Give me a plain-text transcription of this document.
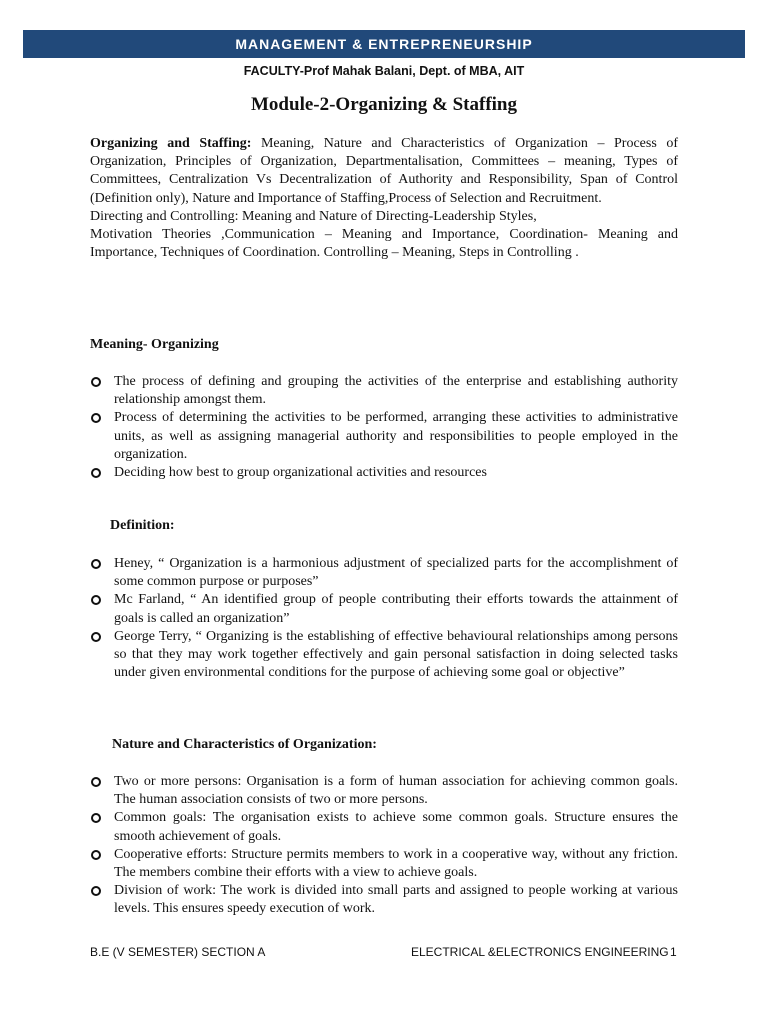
MANAGEMENT & ENTREPRENEURSHIP
FACULTY-Prof Mahak Balani, Dept. of MBA, AIT
Module-2-Organizing & Staffing

Organizing and Staffing: Meaning, Nature and Characteristics of Organization – Process of Organization, Principles of Organization, Departmentalisation, Committees – meaning, Types of Committees, Centralization Vs Decentralization of Authority and Responsibility, Span of Control (Definition only), Nature and Importance of Staffing,Process of Selection and Recruitment.

Directing and Controlling: Meaning and Nature of Directing-Leadership Styles,

Motivation Theories ,Communication – Meaning and Importance, Coordination- Meaning and Importance, Techniques of Coordination. Controlling – Meaning, Steps in Controlling .

Meaning- Organizing
The process of defining and grouping the activities of the enterprise and establishing authority relationship amongst them.
Process of determining the activities to be performed, arranging these activities to administrative units, as well as assigning managerial authority and responsibilities to people employed in the organization.
Deciding how best to group organizational activities and resources
Definition:
Heney, “ Organization is a harmonious adjustment of specialized parts for the accomplishment of some common purpose or purposes”
Mc Farland, “ An identified group of people contributing their efforts towards the attainment of goals is called an organization”
George Terry, “ Organizing is the establishing of effective behavioural relationships among persons so that they may work together effectively and gain personal satisfaction in doing selected tasks under given environmental conditions for the purpose of achieving some goal or objective”
Nature and Characteristics of Organization:
Two or more persons: Organisation is a form of human association for achieving common goals. The human association consists of two or more persons.
Common goals: The organisation exists to achieve some common goals. Structure ensures the smooth achievement of goals.
Cooperative efforts: Structure permits members to work in a cooperative way, without any friction. The members combine their efforts with a view to achieve goals.
Division of work: The work is divided into small parts and assigned to people working at various levels. This ensures speedy execution of work.
B.E (V SEMESTER) SECTION A	ELECTRICAL &ELECTRONICS ENGINEERING 1
